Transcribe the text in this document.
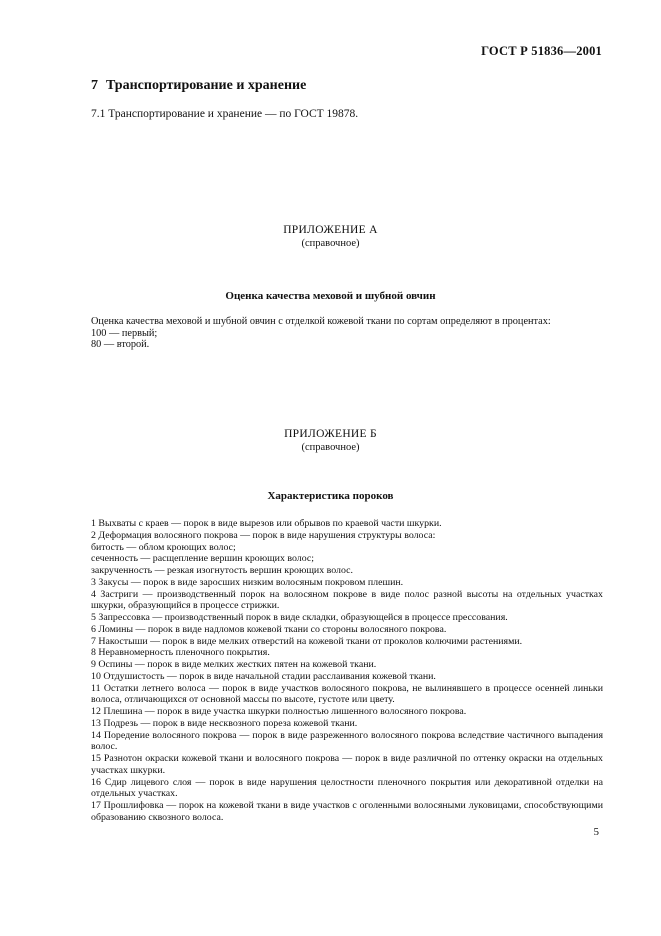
ГОСТ Р 51836—2001
7 Транспортирование и хранение
7.1 Транспортирование и хранение — по ГОСТ 19878.
ПРИЛОЖЕНИЕ А
(справочное)
Оценка качества меховой и шубной овчин

Оценка качества меховой и шубной овчин с отделкой кожевой ткани по сортам определяют в процентах:

100 — первый;

80 — второй.

ПРИЛОЖЕНИЕ Б
(справочное)
Характеристика пороков

1 Выхваты с краев — порок в виде вырезов или обрывов по краевой части шкурки.

2 Деформация волосяного покрова — порок в виде нарушения структуры волоса:

битость — облом кроющих волос;

сеченность — расщепление вершин кроющих волос;

закрученность — резкая изогнутость вершин кроющих волос.

3 Закусы — порок в виде заросших низким волосяным покровом плешин.

4 Застриги — производственный порок на волосяном покрове в виде полос разной высоты на отдельных участках шкурки, образующийся в процессе стрижки.

5 Запрессовка — производственный порок в виде складки, образующейся в процессе прессования.

6 Ломины — порок в виде надломов кожевой ткани со стороны волосяного покрова.

7 Накостыши — порок в виде мелких отверстий на кожевой ткани от проколов колючими растениями.

8 Неравномерность пленочного покрытия.

9 Оспины — порок в виде мелких жестких пятен на кожевой ткани.

10 Отдушистость — порок в виде начальной стадии расслаивания кожевой ткани.

11 Остатки летнего волоса — порок в виде участков волосяного покрова, не вылинявшего в процессе осенней линьки волоса, отличающихся от основной массы по высоте, густоте или цвету.

12 Плешина — порок в виде участка шкурки полностью лишенного волосяного покрова.

13 Подрезь — порок в виде несквозного пореза кожевой ткани.

14 Поредение волосяного покрова — порок в виде разреженного волосяного покрова вследствие частичного выпадения волос.

15 Разнотон окраски кожевой ткани и волосяного покрова — порок в виде различной по оттенку окраски на отдельных участках шкурки.

16 Сдир лицевого слоя — порок в виде нарушения целостности пленочного покрытия или декоративной отделки на отдельных участках.

17 Прошлифовка — порок на кожевой ткани в виде участков с оголенными волосяными луковицами, способствующими образованию сквозного волоса.

5
